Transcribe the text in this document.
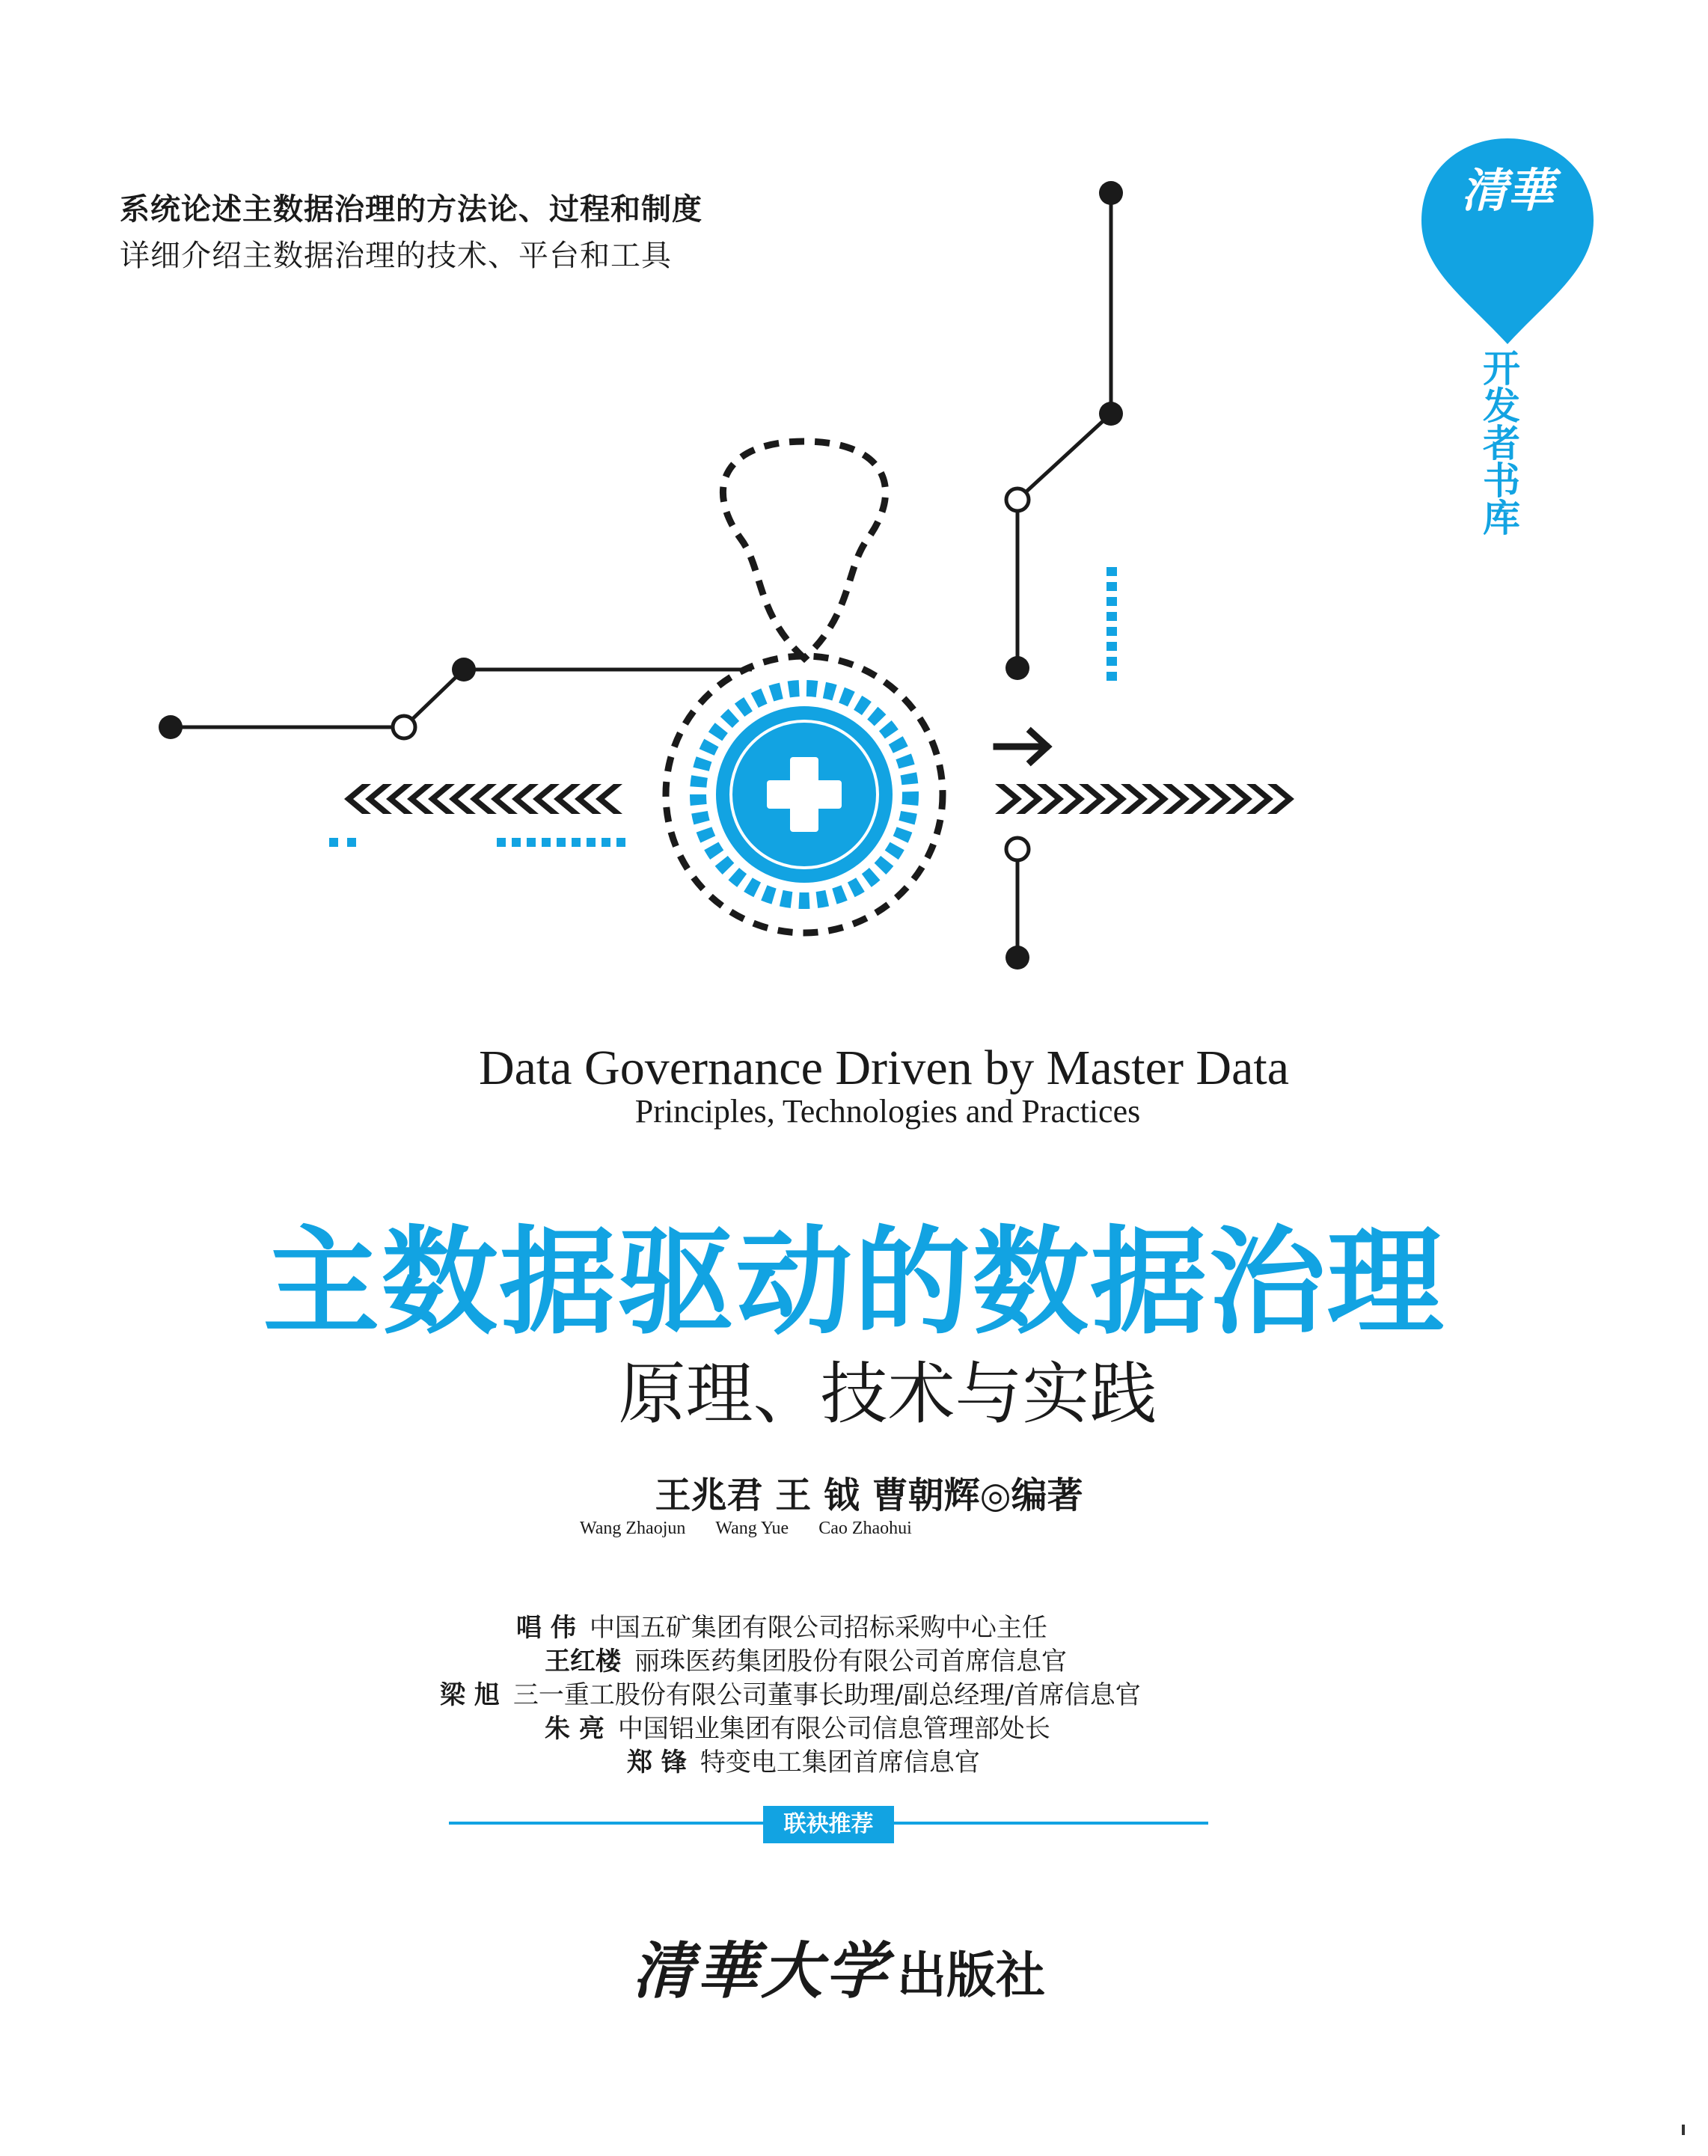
系统论述主数据治理的方法论、过程和制度
详细介绍主数据治理的技术、平台和工具
清華
开发者书库
Data Governance Driven by Master Data
Principles, Technologies and Practices
主数据驱动的数据治理
原理、技术与实践
王兆君 王 钺 曹朝辉◎编著
Wang Zhaojun Wang Yue Cao Zhaohui
唱 伟 中国五矿集团有限公司招标采购中心主任
王红楼 丽珠医药集团股份有限公司首席信息官
梁 旭 三一重工股份有限公司董事长助理/副总经理/首席信息官
朱 亮 中国铝业集团有限公司信息管理部处长
郑 锋 特变电工集团首席信息官
联袂推荐
清華大学 出版社
